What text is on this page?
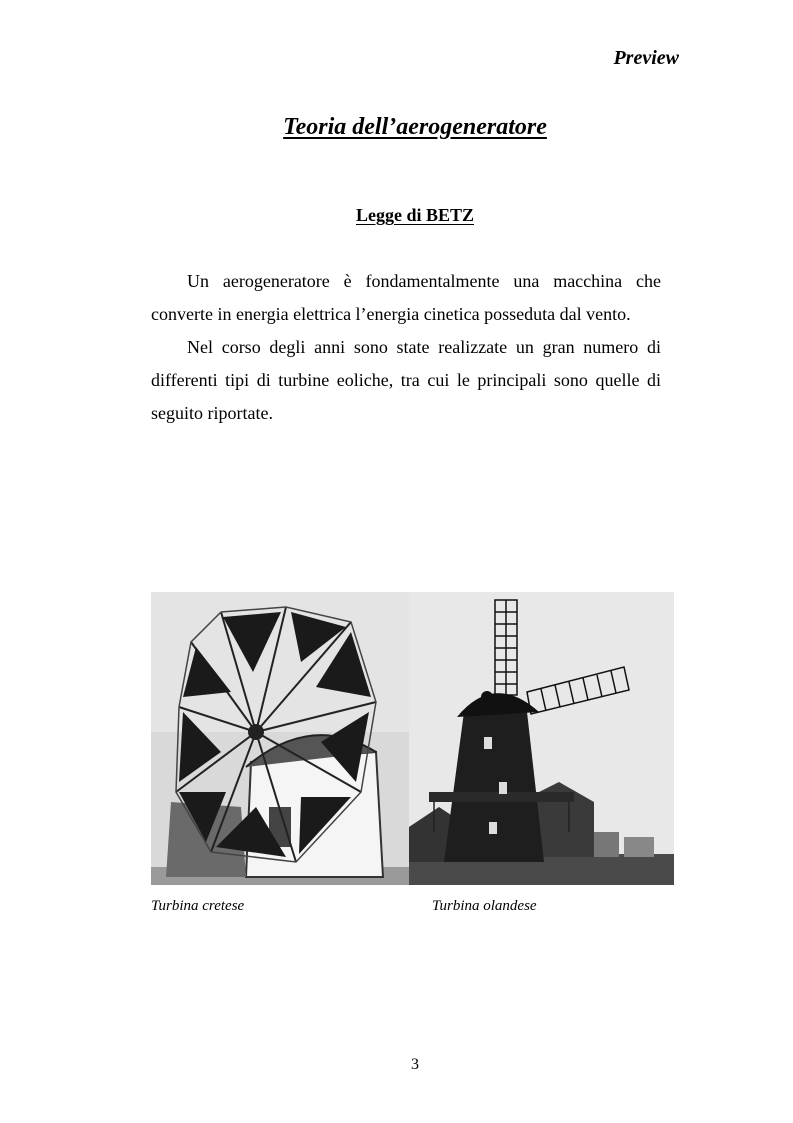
Preview
Teoria dell’aerogeneratore
Legge di BETZ

Un aerogeneratore è fondamentalmente una macchina che converte in energia elettrica l’energia cinetica posseduta dal vento.

Nel corso degli anni sono state realizzate un gran numero di differenti tipi di turbine eoliche, tra cui le principali sono quelle di seguito riportate.

Turbina cretese	Turbina olandese
3
